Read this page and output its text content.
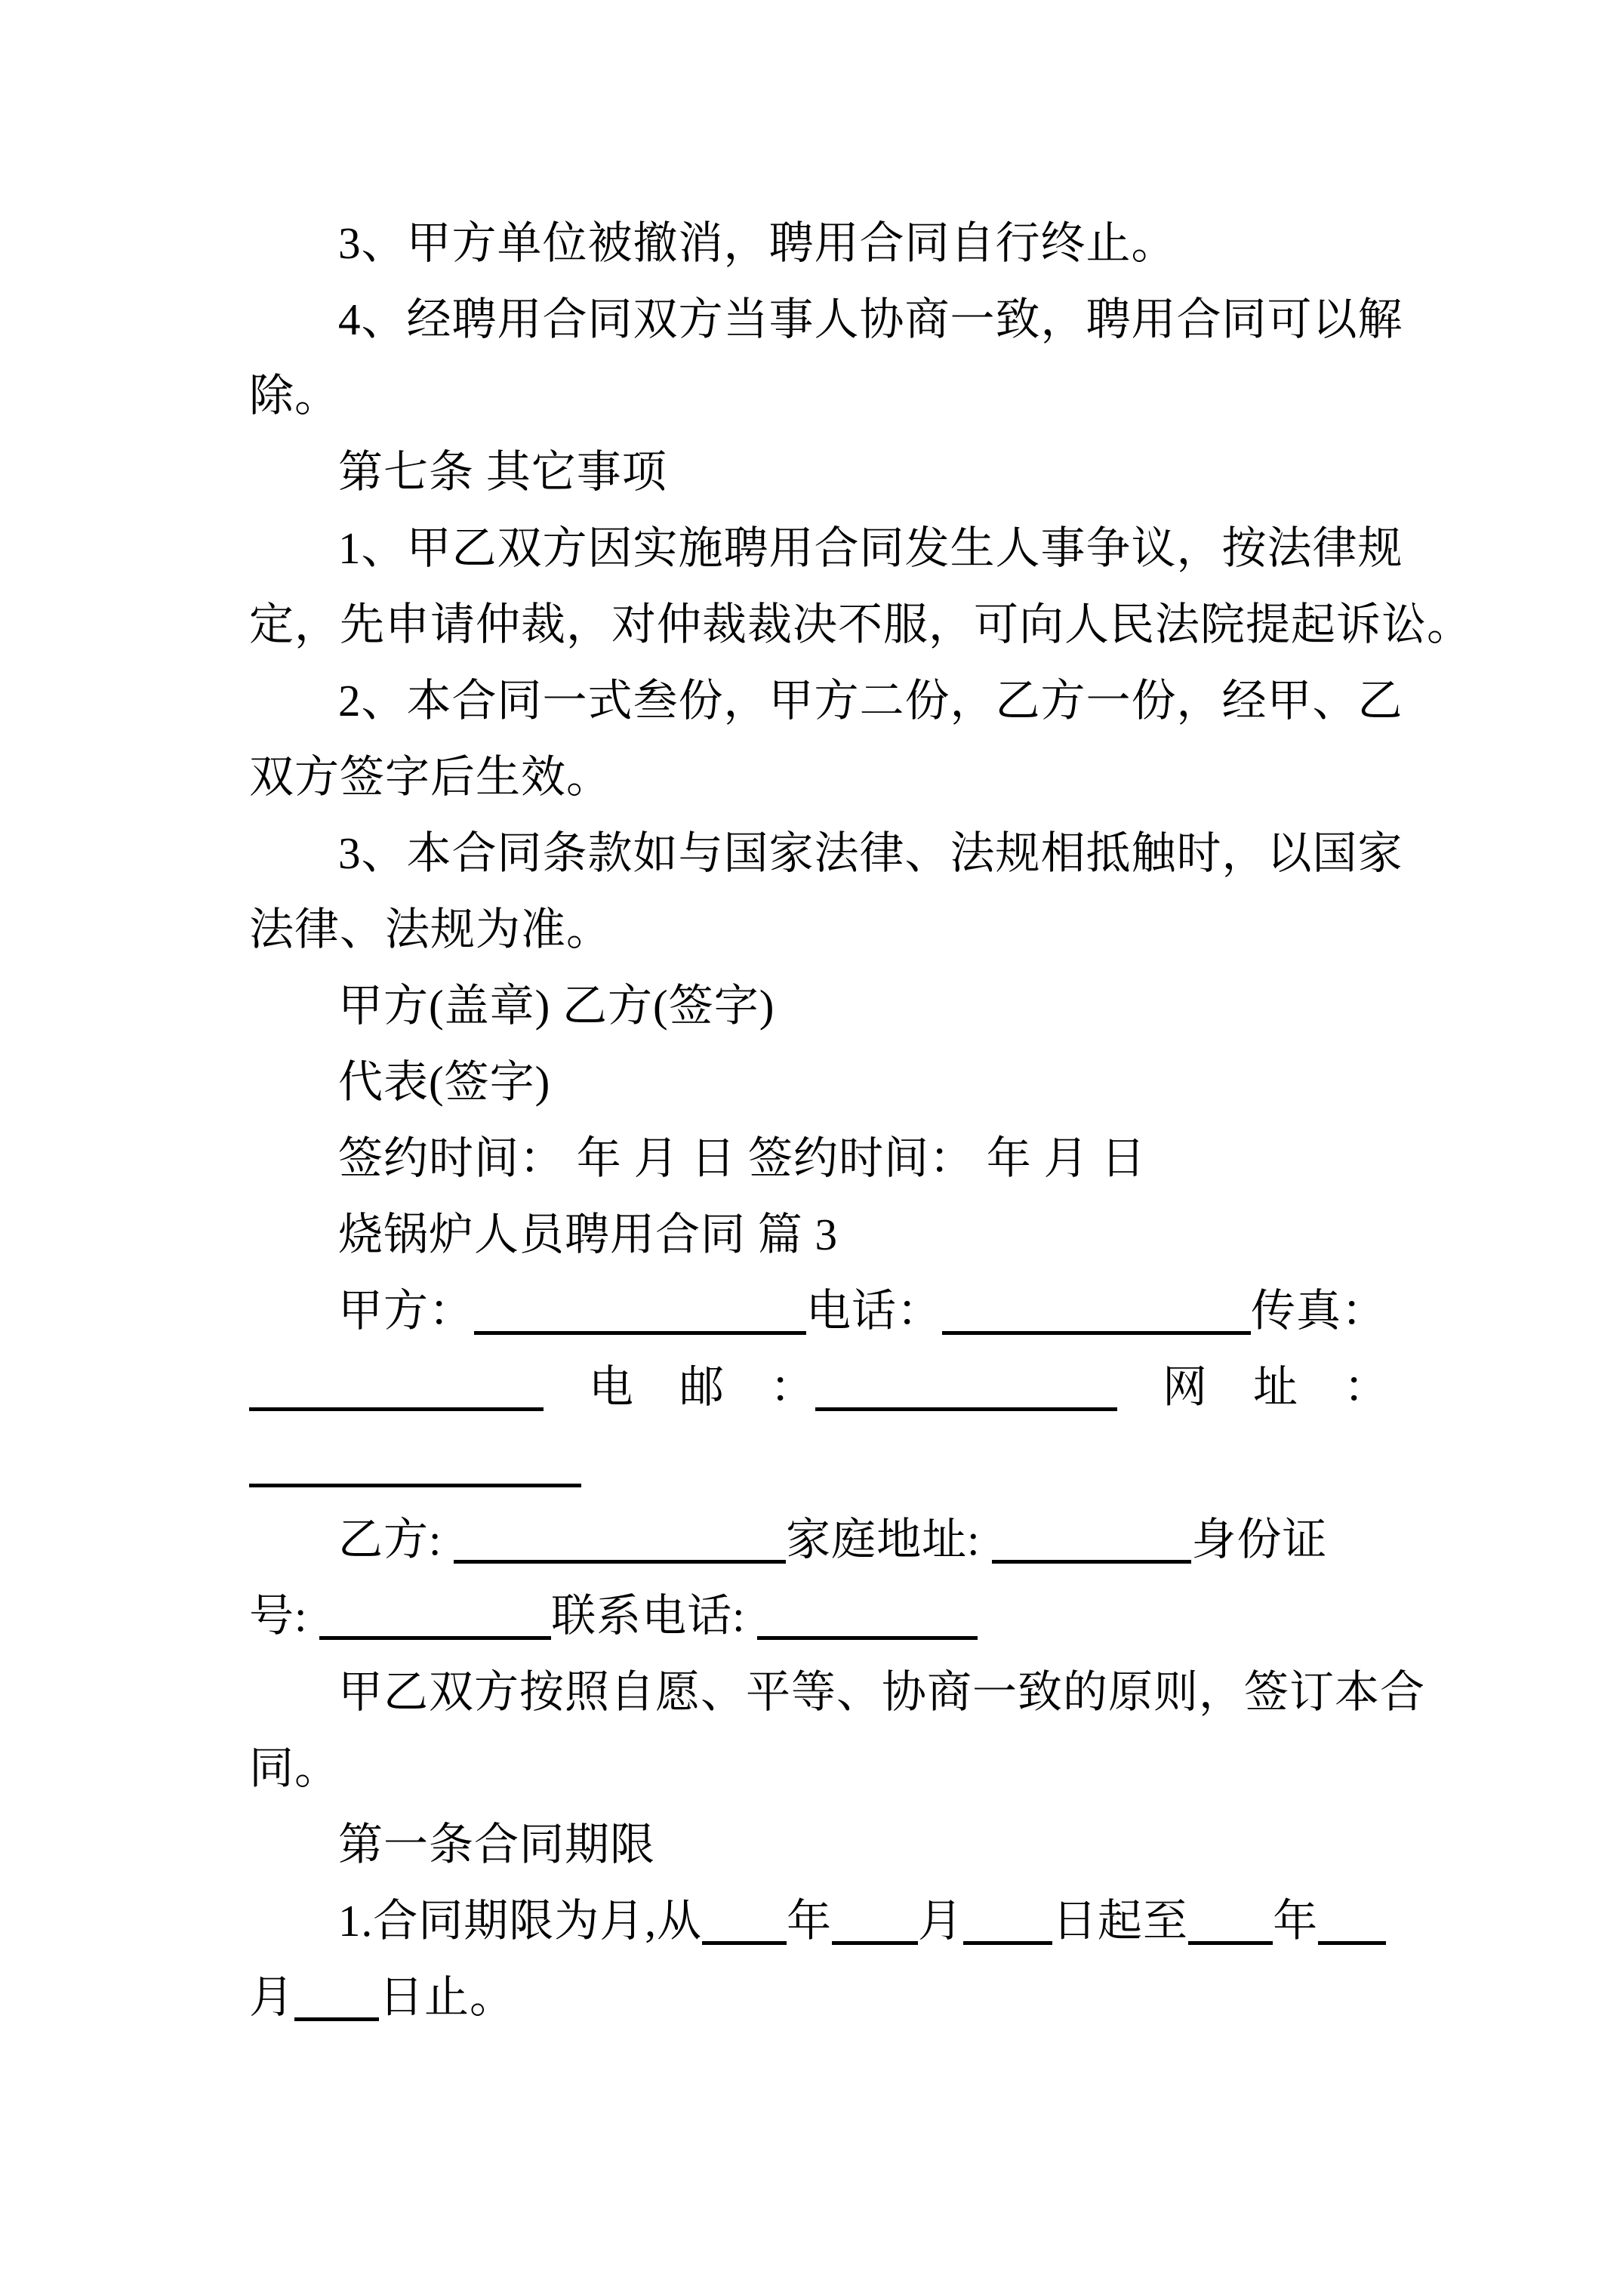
3、甲方单位被撤消，聘用合同自行终止。
4、经聘用合同双方当事人协商一致，聘用合同可以解
除。
第七条 其它事项
1、甲乙双方因实施聘用合同发生人事争议，按法律规
定，先申请仲裁，对仲裁裁决不服，可向人民法院提起诉讼。
2、本合同一式叁份，甲方二份，乙方一份，经甲、乙
双方签字后生效。
3、本合同条款如与国家法律、法规相抵触时，以国家
法律、法规为准。
甲方(盖章) 乙方(签字)
代表(签字)
签约时间： 年 月 日 签约时间： 年 月 日
烧锅炉人员聘用合同 篇 3
甲方：	电话：	传真：
　电　邮　：	　网　址　：
乙方:	家庭地址:	身份证
号:	联系电话:
甲乙双方按照自愿、平等、协商一致的原则，签订本合
同。
第一条合同期限
1.合同期限为月,从 年 月 日起至 年
月 日止。
